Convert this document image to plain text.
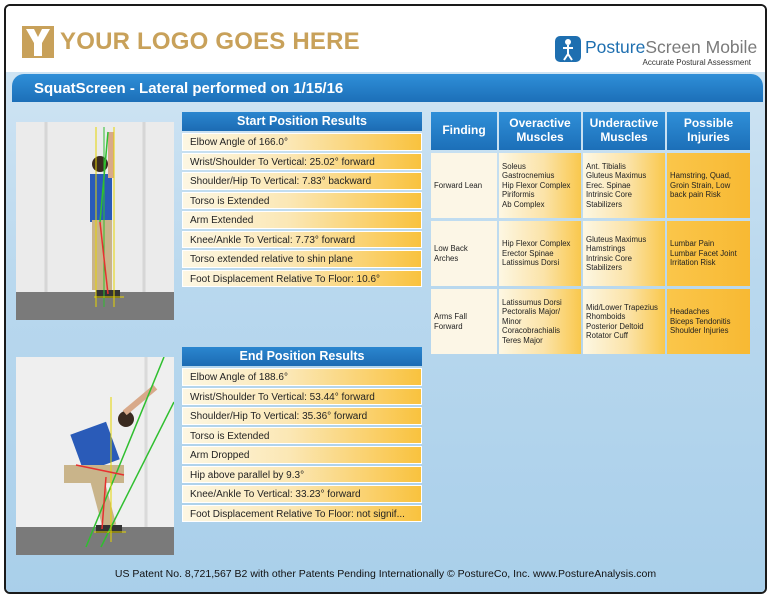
YOUR LOGO GOES HERE	PostureScreen Mobile
Accurate Postural Assessment
SquatScreen - Lateral performed on 1/15/16
Start Position Results
Elbow Angle of 166.0°
Wrist/Shoulder To Vertical: 25.02° forward
Shoulder/Hip To Vertical: 7.83° backward
Torso is Extended
Arm Extended
Knee/Ankle To Vertical: 7.73° forward
Torso extended relative to shin plane
Foot Displacement Relative To Floor: 10.6°
End Position Results
Elbow Angle of 188.6°
Wrist/Shoulder To Vertical: 53.44° forward
Shoulder/Hip To Vertical: 35.36° forward
Torso is Extended
Arm Dropped
Hip above parallel by 9.3°
Knee/Ankle To Vertical: 33.23° forward
Foot Displacement Relative To Floor: not signif...
Finding	Overactive
Muscles
Underactive
Muscles
Possible
Injuries
Forward Lean
Soleus
Gastrocnemius
Hip Flexor Complex
Piriformis
Ab Complex
Ant. Tibialis
Gluteus Maximus
Erec. Spinae
Intrinsic Core
Stabilizers
Hamstring, Quad,
Groin Strain, Low
back pain Risk
Low Back
Arches
Hip Flexor Complex
Erector Spinae
Latissimus Dorsi
Gluteus Maximus
Hamstrings
Intrinsic Core
Stabilizers
Lumbar Pain
Lumbar Facet Joint
Irritation Risk
Arms Fall
Forward
Latissumus Dorsi
Pectoralis Major/
Minor
Coracobrachialis
Teres Major
Mid/Lower Trapezius
Rhomboids
Posterior Deltoid
Rotator Cuff
Headaches
Biceps Tendonitis
Shoulder Injuries
US Patent No. 8,721,567 B2 with other Patents Pending Internationally © PostureCo, Inc. www.PostureAnalysis.com
